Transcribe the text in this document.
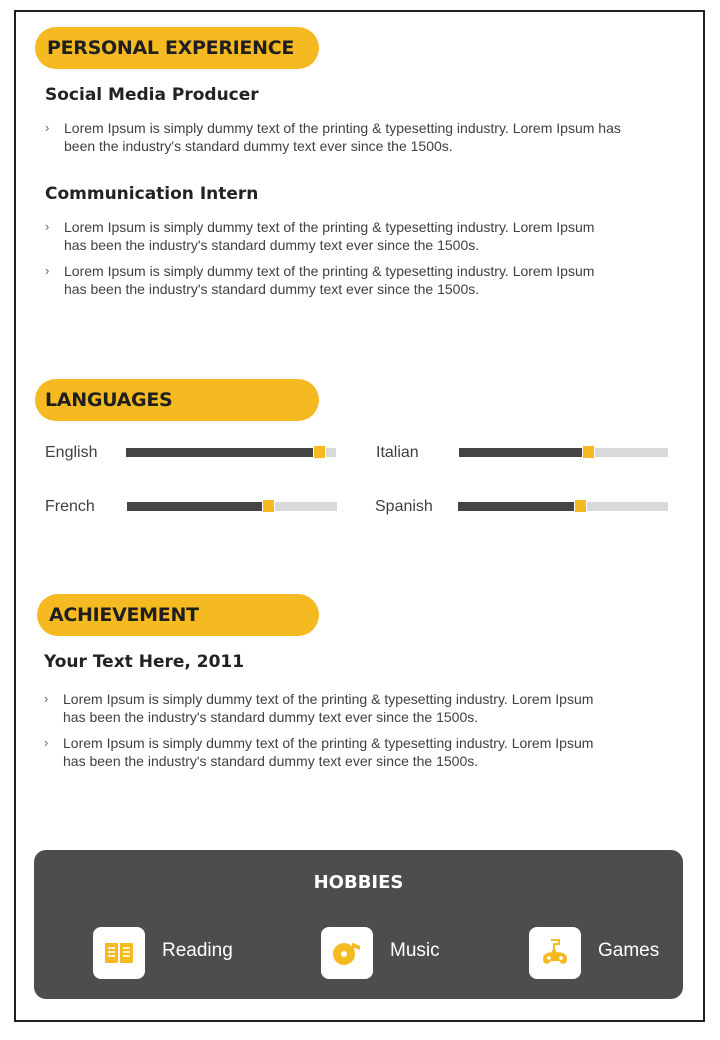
PERSONAL EXPERIENCE
Social Media Producer
› Lorem Ipsum is simply dummy text of the printing & typesetting industry. Lorem Ipsum has
been the industry's standard dummy text ever since the 1500s.
Communication Intern
› Lorem Ipsum is simply dummy text of the printing & typesetting industry. Lorem Ipsum
has been the industry's standard dummy text ever since the 1500s.
› Lorem Ipsum is simply dummy text of the printing & typesetting industry. Lorem Ipsum
has been the industry's standard dummy text ever since the 1500s.
LANGUAGES
English	Italian
French	Spanish
ACHIEVEMENT
Your Text Here, 2011
› Lorem Ipsum is simply dummy text of the printing & typesetting industry. Lorem Ipsum
has been the industry's standard dummy text ever since the 1500s.
› Lorem Ipsum is simply dummy text of the printing & typesetting industry. Lorem Ipsum
has been the industry's standard dummy text ever since the 1500s.
HOBBIES
Reading	Music	Games
